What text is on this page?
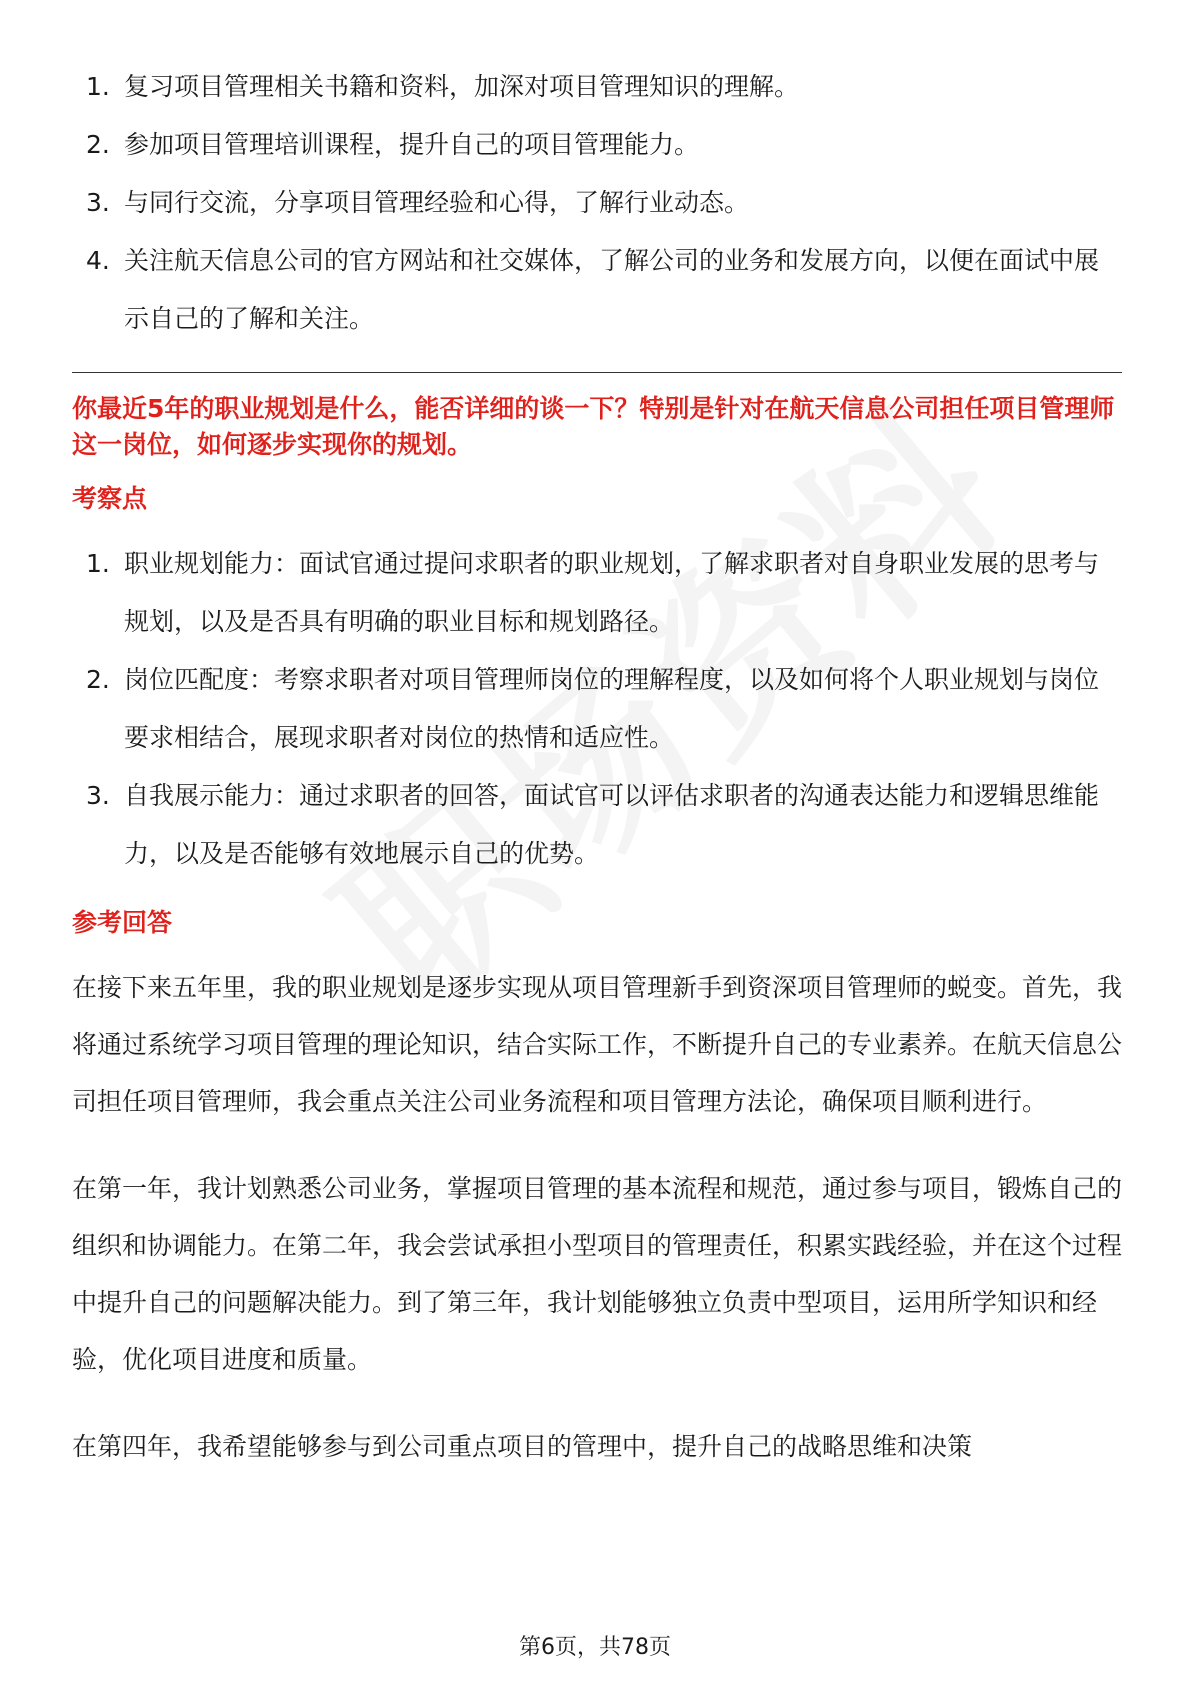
1. 复习项目管理相关书籍和资料，加深对项目管理知识的理解。
2. 参加项目管理培训课程，提升自己的项目管理能力。
3. 与同行交流，分享项目管理经验和心得，了解行业动态。
4. 关注航天信息公司的官方网站和社交媒体，了解公司的业务和发展方向，以便在面试中展示自己的了解和关注。

你最近5年的职业规划是什么，能否详细的谈一下？特别是针对在航天信息公司担任项目管理师这一岗位，如何逐步实现你的规划。

考察点

1. 职业规划能力：面试官通过提问求职者的职业规划，了解求职者对自身职业发展的思考与规划，以及是否具有明确的职业目标和规划路径。
2. 岗位匹配度：考察求职者对项目管理师岗位的理解程度，以及如何将个人职业规划与岗位要求相结合，展现求职者对岗位的热情和适应性。
3. 自我展示能力：通过求职者的回答，面试官可以评估求职者的沟通表达能力和逻辑思维能力，以及是否能够有效地展示自己的优势。

参考回答

在接下来五年里，我的职业规划是逐步实现从项目管理新手到资深项目管理师的蜕变。首先，我将通过系统学习项目管理的理论知识，结合实际工作，不断提升自己的专业素养。在航天信息公司担任项目管理师，我会重点关注公司业务流程和项目管理方法论，确保项目顺利进行。

在第一年，我计划熟悉公司业务，掌握项目管理的基本流程和规范，通过参与项目，锻炼自己的组织和协调能力。在第二年，我会尝试承担小型项目的管理责任，积累实践经验，并在这个过程中提升自己的问题解决能力。到了第三年，我计划能够独立负责中型项目，运用所学知识和经验，优化项目进度和质量。

在第四年，我希望能够参与到公司重点项目的管理中，提升自己的战略思维和决策

第6页，共78页
